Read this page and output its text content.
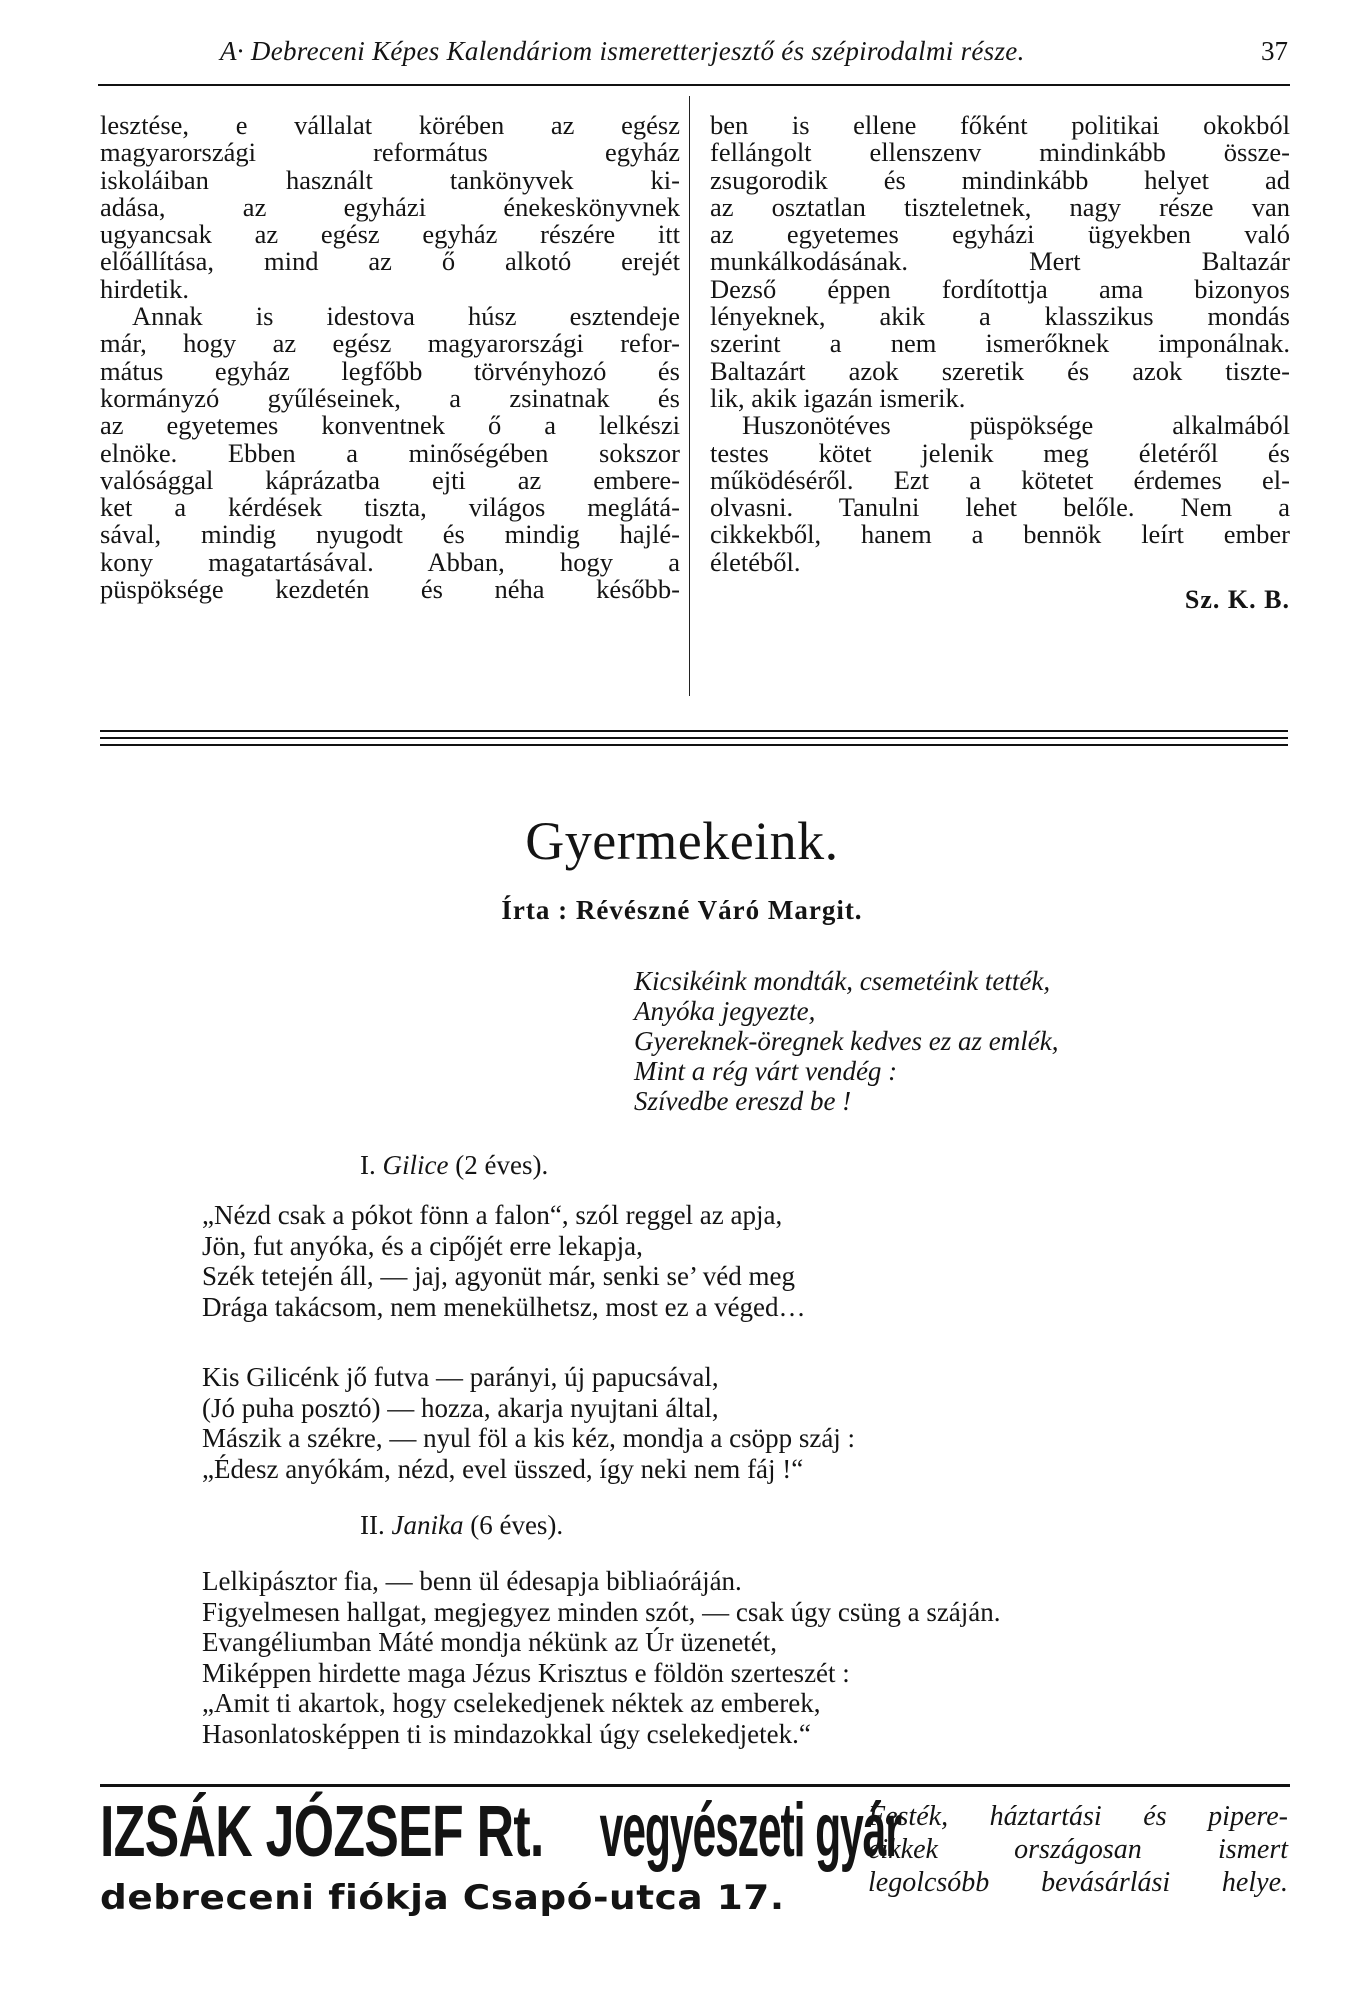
A· Debreceni Képes Kalendáriom ismeretterjesztő és szépirodalmi része.	37

lesztése, e vállalat körében az egész
magyarországi református egyház
iskoláiban használt tankönyvek ki-
adása, az egyházi énekeskönyvnek
ugyancsak az egész egyház részére itt
előállítása, mind az ő alkotó erejét
hirdetik.

Annak is idestova húsz esztendeje
már, hogy az egész magyarországi refor-
mátus egyház legfőbb törvényhozó és
kormányzó gyűléseinek, a zsinatnak és
az egyetemes konventnek ő a lelkészi
elnöke. Ebben a minőségében sokszor
valósággal káprázatba ejti az embere-
ket a kérdések tiszta, világos meglátá-
sával, mindig nyugodt és mindig hajlé-
kony magatartásával. Abban, hogy a
püspöksége kezdetén és néha később-

ben is ellene főként politikai okokból
fellángolt ellenszenv mindinkább össze-
zsugorodik és mindinkább helyet ad
az osztatlan tiszteletnek, nagy része van
az egyetemes egyházi ügyekben való
munkálkodásának. Mert Baltazár
Dezső éppen fordítottja ama bizonyos
lényeknek, akik a klasszikus mondás
szerint a nem ismerőknek imponálnak.
Baltazárt azok szeretik és azok tiszte-
lik, akik igazán ismerik.

Huszonötéves püspöksége alkalmából
testes kötet jelenik meg életéről és
működéséről. Ezt a kötetet érdemes el-
olvasni. Tanulni lehet belőle. Nem a
cikkekből, hanem a bennök leírt ember
életéből.

Sz. K. B.
Gyermekeink.
Írta : Révészné Váró Margit.
Kicsikéink mondták, csemetéink tették,
Anyóka jegyezte,
Gyereknek-öregnek kedves ez az emlék,
Mint a rég várt vendég :
Szívedbe ereszd be !
I. Gilice (2 éves).
„Nézd csak a pókot fönn a falon“, szól reggel az apja,
Jön, fut anyóka, és a cipőjét erre lekapja,
Szék tetején áll, — jaj, agyonüt már, senki se’ véd meg
Drága takácsom, nem menekülhetsz, most ez a véged…
Kis Gilicénk jő futva — parányi, új papucsával,
(Jó puha posztó) — hozza, akarja nyujtani által,
Mászik a székre, — nyul föl a kis kéz, mondja a csöpp száj :
„Édesz anyókám, nézd, evel üsszed, így neki nem fáj !“
II. Janika (6 éves).
Lelkipásztor fia, — benn ül édesapja bibliaóráján.
Figyelmesen hallgat, megjegyez minden szót, — csak úgy csüng a száján.
Evangéliumban Máté mondja nékünk az Úr üzenetét,
Miképpen hirdette maga Jézus Krisztus e földön szerteszét :
„Amit ti akartok, hogy cselekedjenek néktek az emberek,
Hasonlatosképpen ti is mindazokkal úgy cselekedjetek.“
IZSÁK JÓZSEF Rt. vegyészeti gyár
debreceni fiókja Csapó-utca 17.
Festék, háztartási és pipere-
cikkek országosan ismert
legolcsóbb bevásárlási helye.
